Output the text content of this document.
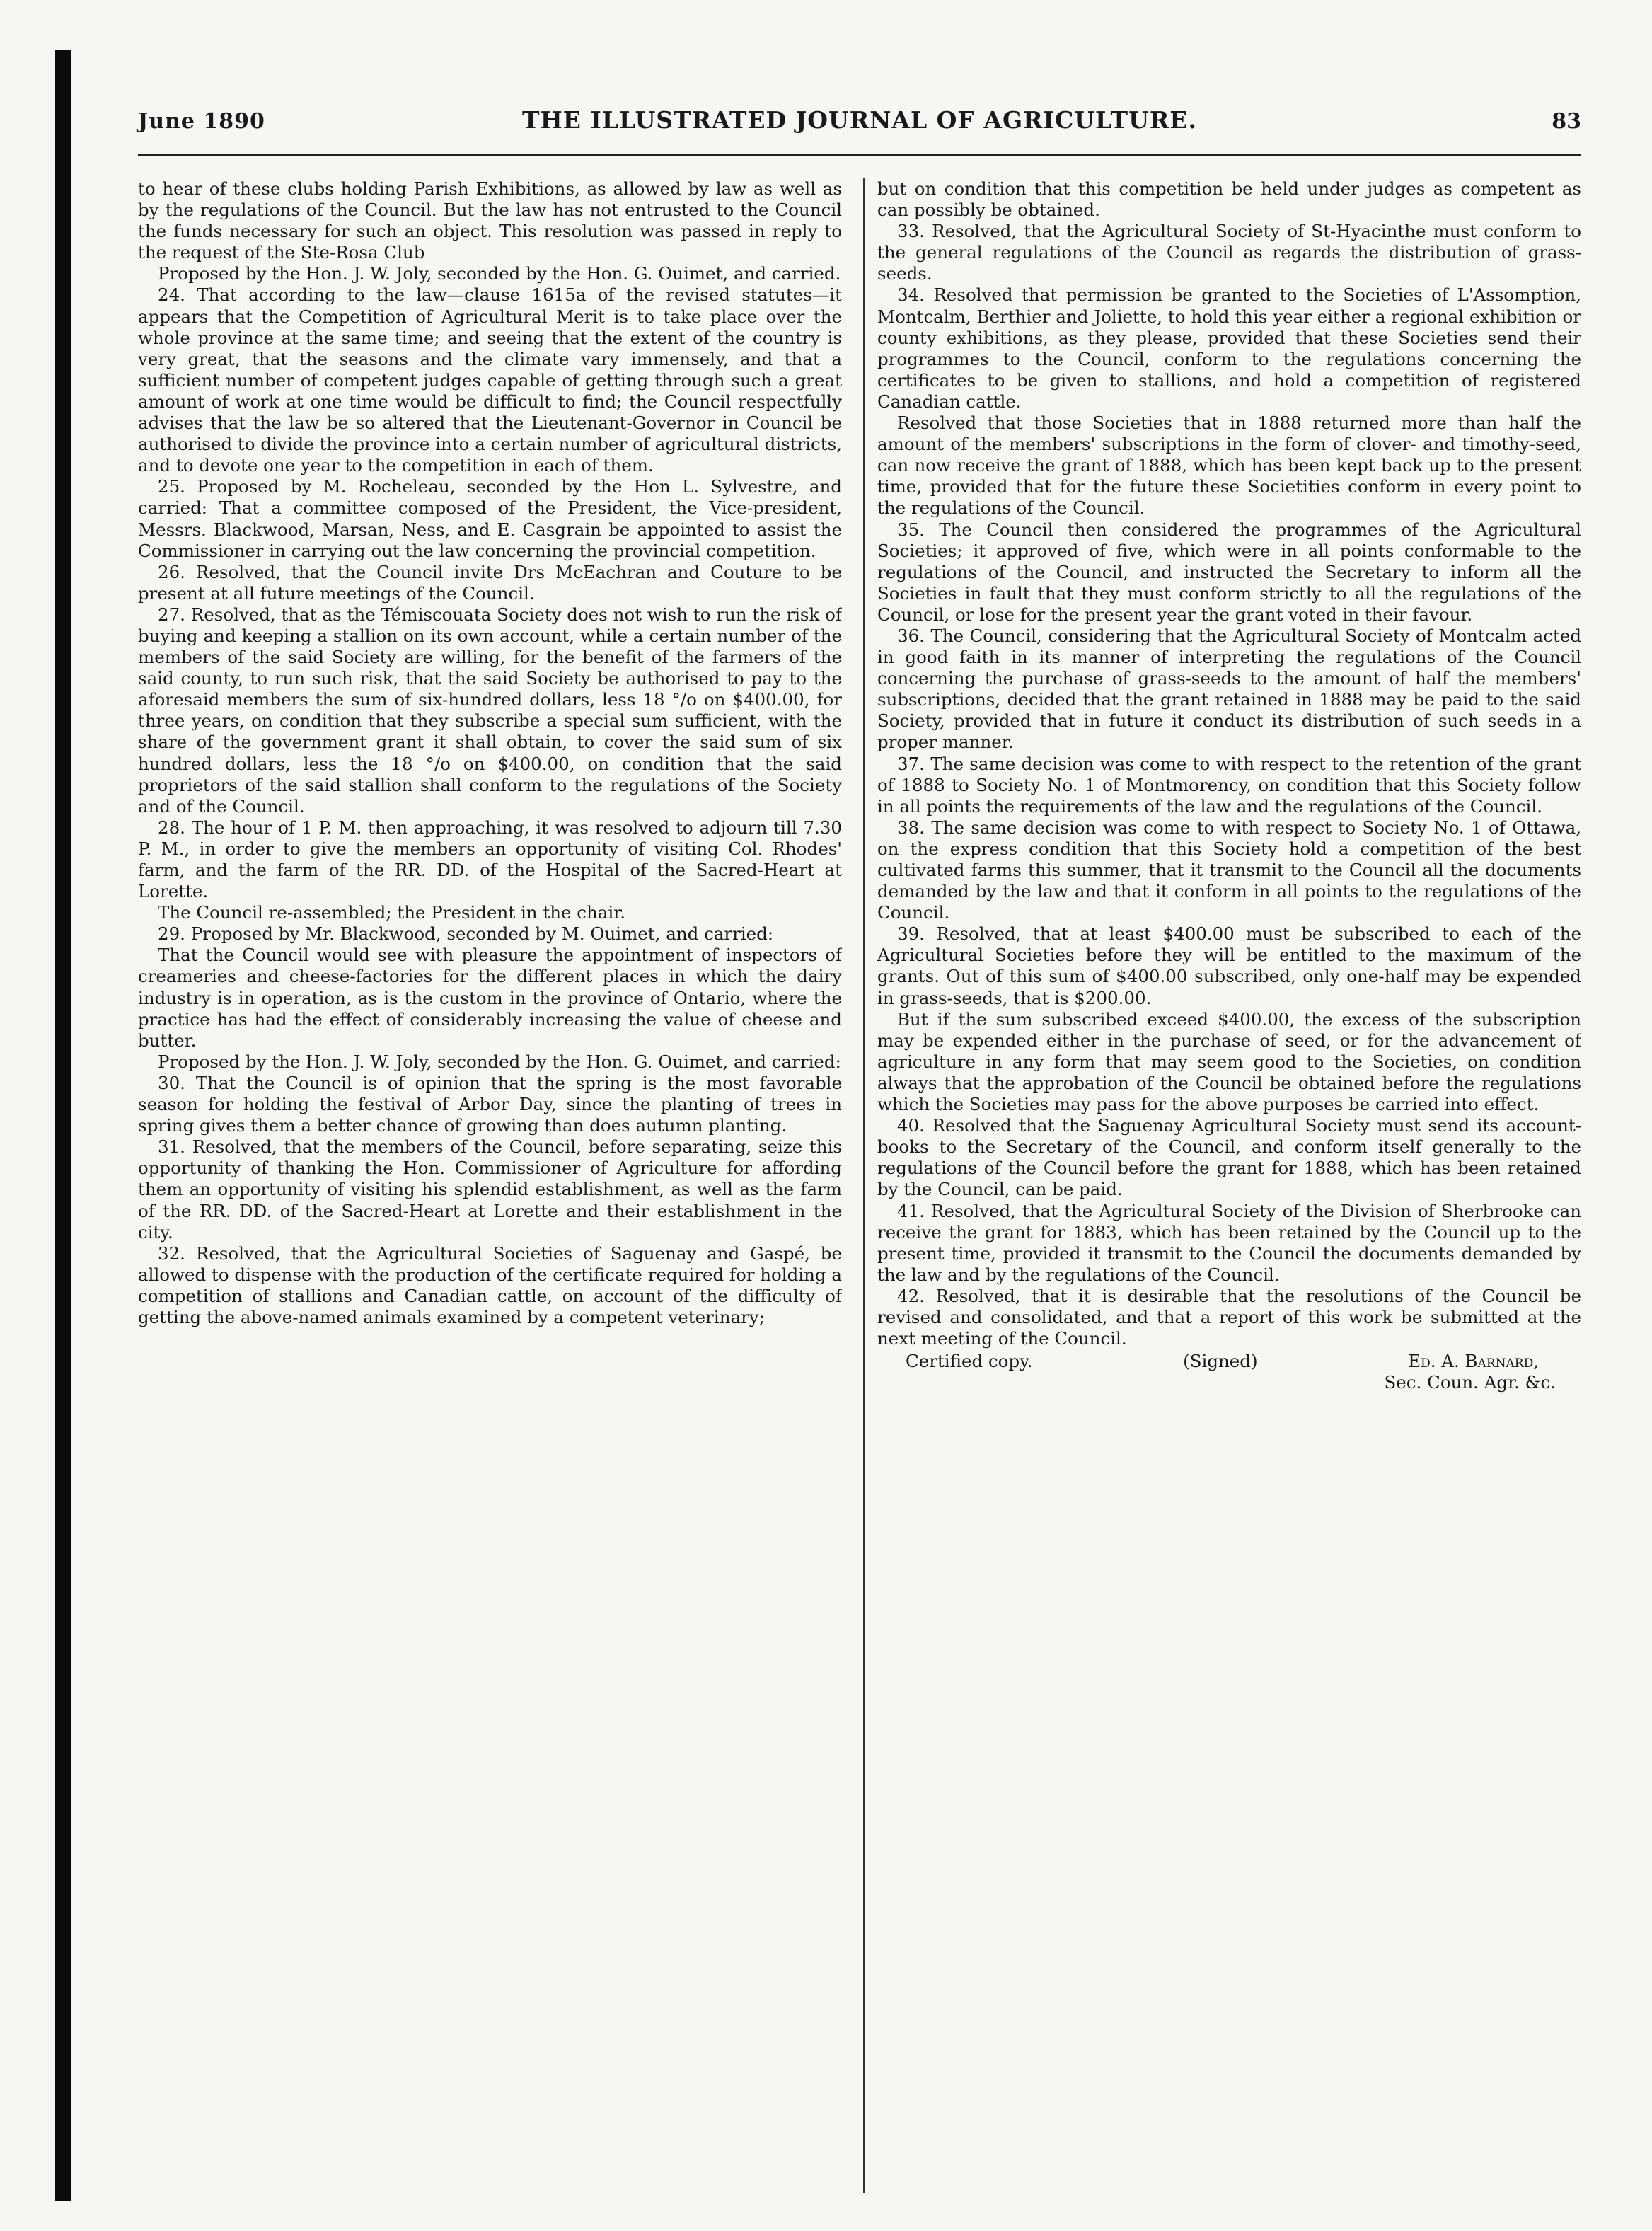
June 1890	THE ILLUSTRATED JOURNAL OF AGRICULTURE.	83

to hear of these clubs holding Parish Exhibitions, as allowed by law as well as by the regulations of the Council. But the law has not entrusted to the Council the funds necessary for such an object. This resolution was passed in reply to the request of the Ste-Rosa Club

Proposed by the Hon. J. W. Joly, seconded by the Hon. G. Ouimet, and carried.

24. That according to the law—clause 1615a of the revised statutes—it appears that the Competition of Agricultural Merit is to take place over the whole province at the same time; and seeing that the extent of the country is very great, that the seasons and the climate vary immensely, and that a sufficient number of competent judges capable of getting through such a great amount of work at one time would be difficult to find; the Council respectfully advises that the law be so altered that the Lieutenant-Governor in Council be authorised to divide the province into a certain number of agricultural districts, and to devote one year to the competition in each of them.

25. Proposed by M. Rocheleau, seconded by the Hon L. Sylvestre, and carried: That a committee composed of the President, the Vice-president, Messrs. Blackwood, Marsan, Ness, and E. Casgrain be appointed to assist the Commissioner in carrying out the law concerning the provincial competition.

26. Resolved, that the Council invite Drs McEachran and Couture to be present at all future meetings of the Council.

27. Resolved, that as the Témiscouata Society does not wish to run the risk of buying and keeping a stallion on its own account, while a certain number of the members of the said Society are willing, for the benefit of the farmers of the said county, to run such risk, that the said Society be authorised to pay to the aforesaid members the sum of six-hundred dollars, less 18 °/o on $400.00, for three years, on condition that they subscribe a special sum sufficient, with the share of the government grant it shall obtain, to cover the said sum of six hundred dollars, less the 18 °/o on $400.00, on condition that the said proprietors of the said stallion shall conform to the regulations of the Society and of the Council.

28. The hour of 1 P. M. then approaching, it was resolved to adjourn till 7.30 P. M., in order to give the members an opportunity of visiting Col. Rhodes' farm, and the farm of the RR. DD. of the Hospital of the Sacred-Heart at Lorette.

The Council re-assembled; the President in the chair.

29. Proposed by Mr. Blackwood, seconded by M. Ouimet, and carried:

That the Council would see with pleasure the appointment of inspectors of creameries and cheese-factories for the different places in which the dairy industry is in operation, as is the custom in the province of Ontario, where the practice has had the effect of considerably increasing the value of cheese and butter.

Proposed by the Hon. J. W. Joly, seconded by the Hon. G. Ouimet, and carried:

30. That the Council is of opinion that the spring is the most favorable season for holding the festival of Arbor Day, since the planting of trees in spring gives them a better chance of growing than does autumn planting.

31. Resolved, that the members of the Council, before separating, seize this opportunity of thanking the Hon. Commissioner of Agriculture for affording them an opportunity of visiting his splendid establishment, as well as the farm of the RR. DD. of the Sacred-Heart at Lorette and their establishment in the city.

32. Resolved, that the Agricultural Societies of Saguenay and Gaspé, be allowed to dispense with the production of the certificate required for holding a competition of stallions and Canadian cattle, on account of the difficulty of getting the above-named animals examined by a competent veterinary;

but on condition that this competition be held under judges as competent as can possibly be obtained.

33. Resolved, that the Agricultural Society of St-Hyacinthe must conform to the general regulations of the Council as regards the distribution of grass-seeds.

34. Resolved that permission be granted to the Societies of L'Assomption, Montcalm, Berthier and Joliette, to hold this year either a regional exhibition or county exhibitions, as they please, provided that these Societies send their programmes to the Council, conform to the regulations concerning the certificates to be given to stallions, and hold a competition of registered Canadian cattle.

Resolved that those Societies that in 1888 returned more than half the amount of the members' subscriptions in the form of clover- and timothy-seed, can now receive the grant of 1888, which has been kept back up to the present time, provided that for the future these Societities conform in every point to the regulations of the Council.

35. The Council then considered the programmes of the Agricultural Societies; it approved of five, which were in all points conformable to the regulations of the Council, and instructed the Secretary to inform all the Societies in fault that they must conform strictly to all the regulations of the Council, or lose for the present year the grant voted in their favour.

36. The Council, considering that the Agricultural Society of Montcalm acted in good faith in its manner of interpreting the regulations of the Council concerning the purchase of grass-seeds to the amount of half the members' subscriptions, decided that the grant retained in 1888 may be paid to the said Society, provided that in future it conduct its distribution of such seeds in a proper manner.

37. The same decision was come to with respect to the retention of the grant of 1888 to Society No. 1 of Montmorency, on condition that this Society follow in all points the requirements of the law and the regulations of the Council.

38. The same decision was come to with respect to Society No. 1 of Ottawa, on the express condition that this Society hold a competition of the best cultivated farms this summer, that it transmit to the Council all the documents demanded by the law and that it conform in all points to the regulations of the Council.

39. Resolved, that at least $400.00 must be subscribed to each of the Agricultural Societies before they will be entitled to the maximum of the grants. Out of this sum of $400.00 subscribed, only one-half may be expended in grass-seeds, that is $200.00.

But if the sum subscribed exceed $400.00, the excess of the subscription may be expended either in the purchase of seed, or for the advancement of agriculture in any form that may seem good to the Societies, on condition always that the approbation of the Council be obtained before the regulations which the Societies may pass for the above purposes be carried into effect.

40. Resolved that the Saguenay Agricultural Society must send its account-books to the Secretary of the Council, and conform itself generally to the regulations of the Council before the grant for 1888, which has been retained by the Council, can be paid.

41. Resolved, that the Agricultural Society of the Division of Sherbrooke can receive the grant for 1883, which has been retained by the Council up to the present time, provided it transmit to the Council the documents demanded by the law and by the regulations of the Council.

42. Resolved, that it is desirable that the resolutions of the Council be revised and consolidated, and that a report of this work be submitted at the next meeting of the Council.

Certified copy.	(Signed)	Ed. A. Barnard,
Sec. Coun. Agr. &c.
